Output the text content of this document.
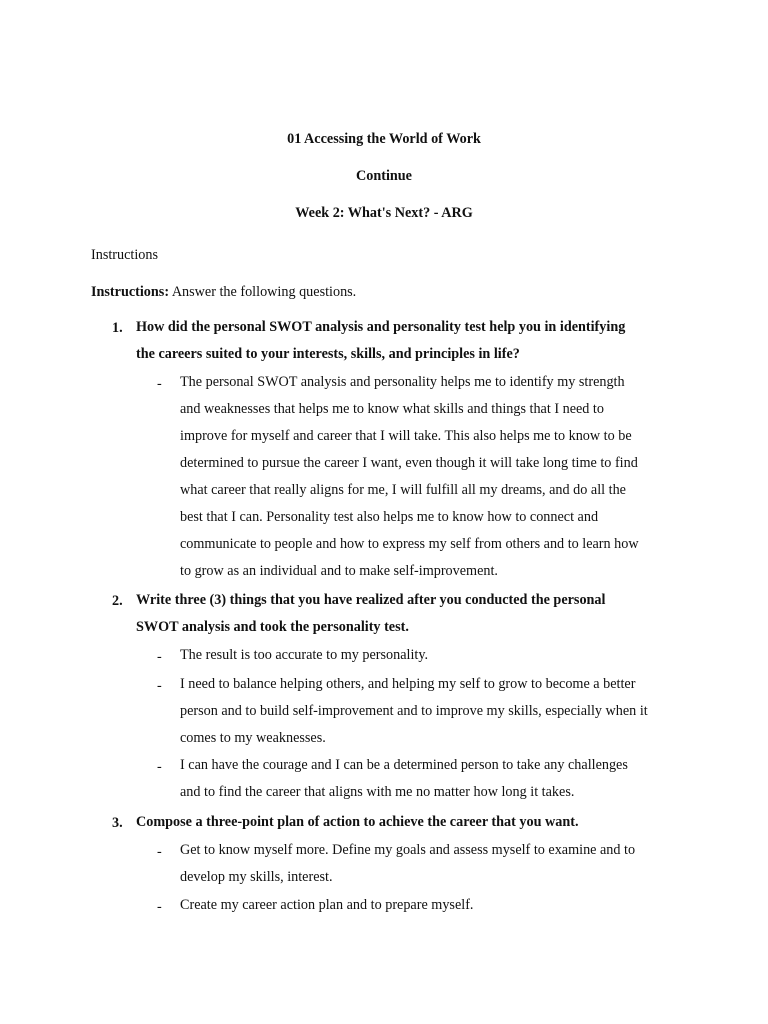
01 Accessing the World of Work
Continue
Week 2: What's Next? - ARG
Instructions
Instructions: Answer the following questions.
1. How did the personal SWOT analysis and personality test help you in identifying
the careers suited to your interests, skills, and principles in life?
- The personal SWOT analysis and personality helps me to identify my strength
and weaknesses that helps me to know what skills and things that I need to
improve for myself and career that I will take. This also helps me to know to be
determined to pursue the career I want, even though it will take long time to find
what career that really aligns for me, I will fulfill all my dreams, and do all the
best that I can. Personality test also helps me to know how to connect and
communicate to people and how to express my self from others and to learn how
to grow as an individual and to make self-improvement.
2. Write three (3) things that you have realized after you conducted the personal
SWOT analysis and took the personality test.
- The result is too accurate to my personality.
- I need to balance helping others, and helping my self to grow to become a better
person and to build self-improvement and to improve my skills, especially when it
comes to my weaknesses.
- I can have the courage and I can be a determined person to take any challenges
and to find the career that aligns with me no matter how long it takes.
3. Compose a three-point plan of action to achieve the career that you want.
- Get to know myself more. Define my goals and assess myself to examine and to
develop my skills, interest.
- Create my career action plan and to prepare myself.
